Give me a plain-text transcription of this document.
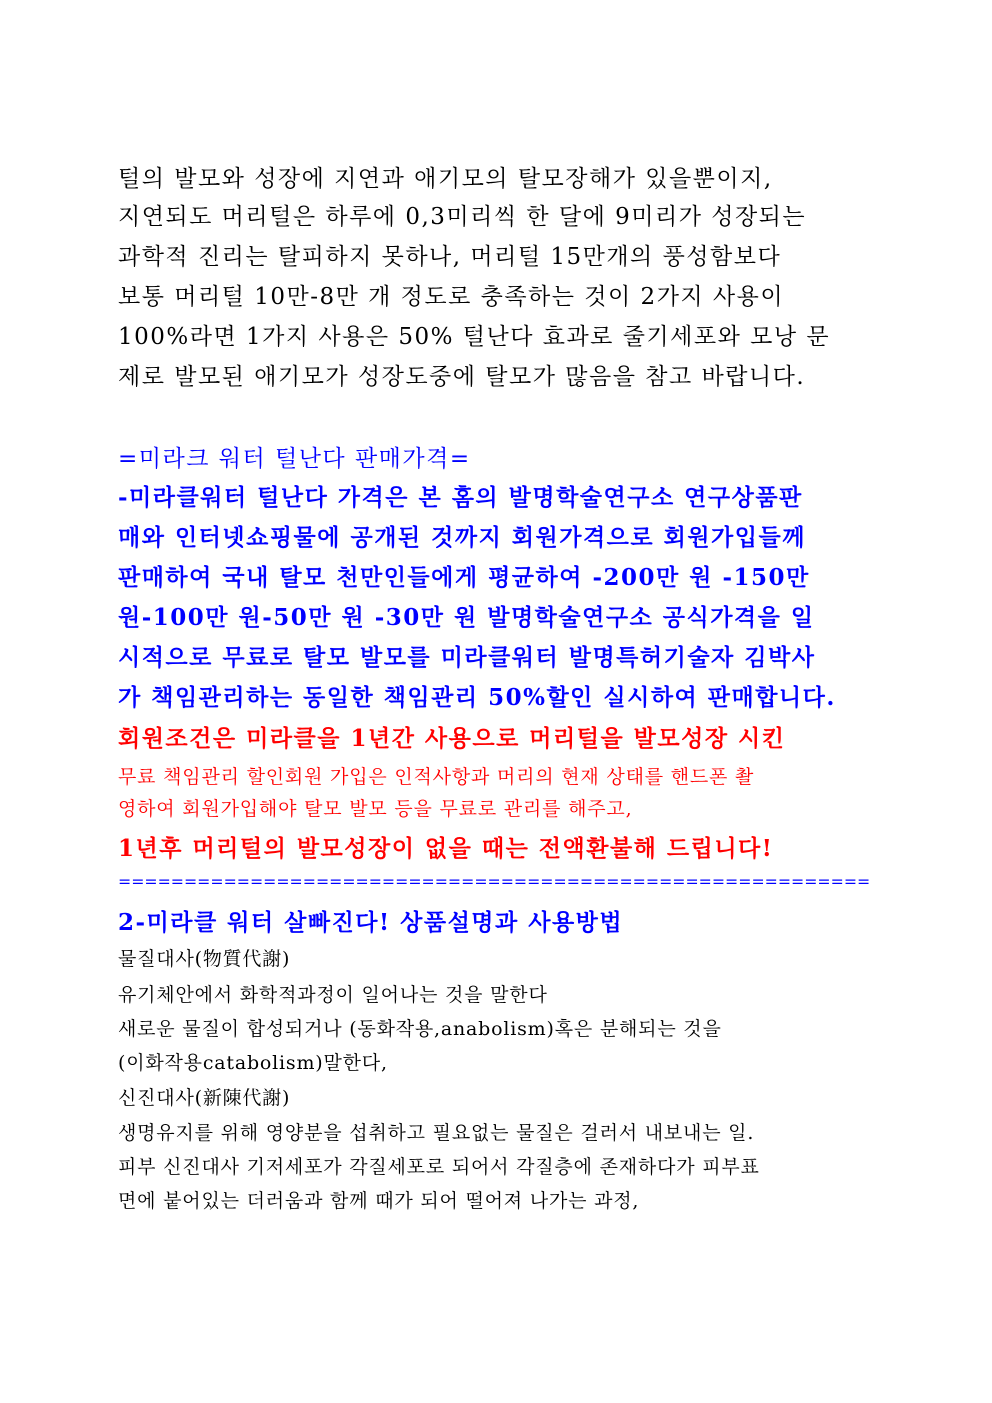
털의 발모와 성장에 지연과 애기모의 탈모장해가 있을뿐이지,
지연되도 머리털은 하루에 0,3미리씩 한 달에 9미리가 성장되는
과학적 진리는 탈피하지 못하나, 머리털 15만개의 풍성함보다
보통 머리털 10만-8만 개 정도로 충족하는 것이 2가지 사용이
100%라면 1가지 사용은 50% 털난다 효과로 줄기세포와 모낭 문
제로 발모된 애기모가 성장도중에 탈모가 많음을 참고 바랍니다.
=미라크 워터 털난다 판매가격=
-미라클워터 털난다 가격은 본 홈의 발명학술연구소 연구상품판
매와 인터넷쇼핑물에 공개된 것까지 회원가격으로 회원가입들께
판매하여 국내 탈모 천만인들에게 평균하여 -200만 원 -150만
원-100만 원-50만 원 -30만 원 발명학술연구소 공식가격을 일
시적으로 무료로 탈모 발모를 미라클워터 발명특허기술자 김박사
가 책임관리하는 동일한 책임관리 50%할인 실시하여 판매합니다.
회원조건은 미라클을 1년간 사용으로 머리털을 발모성장 시킨
무료 책임관리 할인회원 가입은 인적사항과 머리의 현재 상태를 핸드폰 촬
영하여 회원가입해야 탈모 발모 등을 무료로 관리를 해주고,
1년후 머리털의 발모성장이 없을 때는 전액환불해 드립니다!
=========================================================
2-미라클 워터 살빠진다! 상품설명과 사용방법
물질대사(物質代謝)
유기체안에서 화학적과정이 일어나는 것을 말한다
새로운 물질이 합성되거나 (동화작용,anabolism)혹은 분해되는 것을
(이화작용catabolism)말한다,
신진대사(新陳代謝)
생명유지를 위해 영양분을 섭취하고 필요없는 물질은 걸러서 내보내는 일.
피부 신진대사 기저세포가 각질세포로 되어서 각질층에 존재하다가 피부표
면에 붙어있는 더러움과 함께 때가 되어 떨어져 나가는 과정,
